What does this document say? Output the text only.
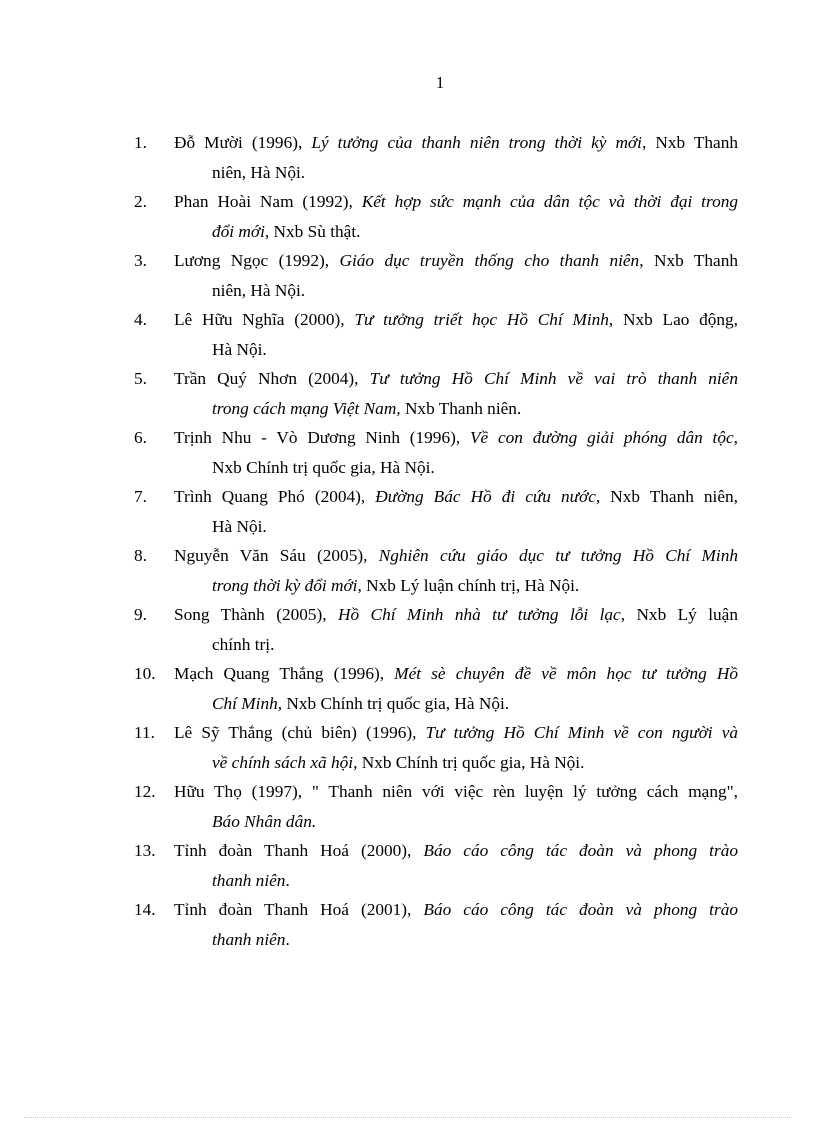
1
1.	Đỗ Mười (1996), Lý tưởng của thanh niên trong thời kỳ mới, Nxb Thanh
niên, Hà Nội.
2.	Phan Hoài Nam (1992), Kết hợp sức mạnh của dân tộc và thời đại trong
đổi mới, Nxb Sù thật.
3.	Lương Ngọc (1992), Giáo dục truyền thống cho thanh niên, Nxb Thanh
niên, Hà Nội.
4.	Lê Hữu Nghĩa (2000), Tư tưởng triết học Hồ Chí Minh, Nxb Lao động,
Hà Nội.
5.	Trần Quý Nhơn (2004), Tư tưởng Hồ Chí Minh về vai trò thanh niên
trong cách mạng Việt Nam, Nxb Thanh niên.
6.	Trịnh Nhu - Vò Dương Ninh (1996), Về con đường giải phóng dân tộc,
Nxb Chính trị quốc gia, Hà Nội.
7.	Trình Quang Phó (2004), Đường Bác Hồ đi cứu nước, Nxb Thanh niên,
Hà Nội.
8.	Nguyễn Văn Sáu (2005), Nghiên cứu giáo dục tư tưởng Hồ Chí Minh
trong thời kỳ đổi mới, Nxb Lý luận chính trị, Hà Nội.
9.	Song Thành (2005), Hồ Chí Minh nhà tư tưởng lỗi lạc, Nxb Lý luận
chính trị.
10.	Mạch Quang Thắng (1996), Mét sè chuyên đề về môn học tư tưởng Hồ
Chí Minh, Nxb Chính trị quốc gia, Hà Nội.
11.	Lê Sỹ Thắng (chủ biên) (1996), Tư tưởng Hồ Chí Minh về con người và
về chính sách xã hội, Nxb Chính trị quốc gia, Hà Nội.
12.	Hữu Thọ (1997), " Thanh niên với việc rèn luyện lý tưởng cách mạng",
Báo Nhân dân.
13.	Tỉnh đoàn Thanh Hoá (2000), Báo cáo công tác đoàn và phong trào
thanh niên.
14.	Tỉnh đoàn Thanh Hoá (2001), Báo cáo công tác đoàn và phong trào
thanh niên.
